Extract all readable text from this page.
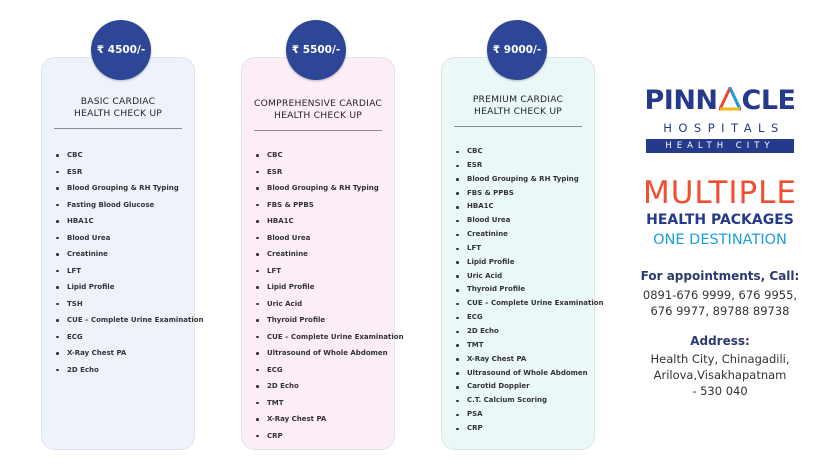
₹ 4500/-
BASIC CARDIAC
HEALTH CHECK UP
CBC
ESR
Blood Grouping & RH Typing
Fasting Blood Glucose
HBA1C
Blood Urea
Creatinine
LFT
Lipid Profile
TSH
CUE – Complete Urine Examination
ECG
X-Ray Chest PA
2D Echo
₹ 5500/-
COMPREHENSIVE CARDIAC
HEALTH CHECK UP
CBC
ESR
Blood Grouping & RH Typing
FBS & PPBS
HBA1C
Blood Urea
Creatinine
LFT
Lipid Profile
Uric Acid
Thyroid Profile
CUE – Complete Urine Examination
Ultrasound of Whole Abdomen
ECG
2D Echo
TMT
X-Ray Chest PA
CRP
₹ 9000/-
PREMIUM CARDIAC
HEALTH CHECK UP
CBC
ESR
Blood Grouping & RH Typing
FBS & PPBS
HBA1C
Blood Urea
Creatinine
LFT
Lipid Profile
Uric Acid
Thyroid Profile
CUE – Complete Urine Examination
ECG
2D Echo
TMT
X-Ray Chest PA
Ultrasound of Whole Abdomen
Carotid Doppler
C.T. Calcium Scoring
PSA
CRP
PINN CLE
HOSPITALS
HEALTH CITY
MULTIPLE
HEALTH PACKAGES
ONE DESTINATION
For appointments, Call:
0891-676 9999, 676 9955,
676 9977, 89788 89738
Address:
Health City, Chinagadili,
Arilova,Visakhapatnam
- 530 040
